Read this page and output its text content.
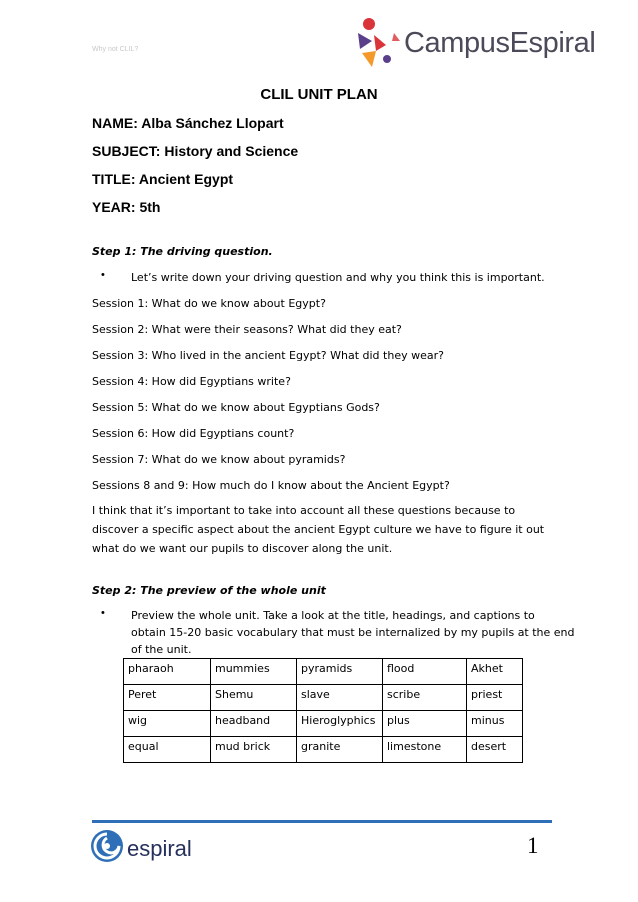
Why not CLIL?	CampusEspiral
CLIL UNIT PLAN
NAME: Alba Sánchez Llopart
SUBJECT: History and Science
TITLE: Ancient Egypt
YEAR: 5th
Step 1: The driving question.
• Let’s write down your driving question and why you think this is important.
Session 1: What do we know about Egypt?
Session 2: What were their seasons? What did they eat?
Session 3: Who lived in the ancient Egypt? What did they wear?
Session 4: How did Egyptians write?
Session 5: What do we know about Egyptians Gods?
Session 6: How did Egyptians count?
Session 7: What do we know about pyramids?
Sessions 8 and 9: How much do I know about the Ancient Egypt?
I think that it’s important to take into account all these questions because to discover a specific aspect about the ancient Egypt culture we have to figure it out what do we want our pupils to discover along the unit.
Step 2: The preview of the whole unit
• Preview the whole unit. Take a look at the title, headings, and captions to
obtain 15-20 basic vocabulary that must be internalized by my pupils at the end
of the unit.
pharaoh	mummies	pyramids	flood	Akhet
Peret	Shemu	slave	scribe	priest
wig	headband	Hieroglyphics	plus	minus
equal	mud brick	granite	limestone	desert
espiral	1
